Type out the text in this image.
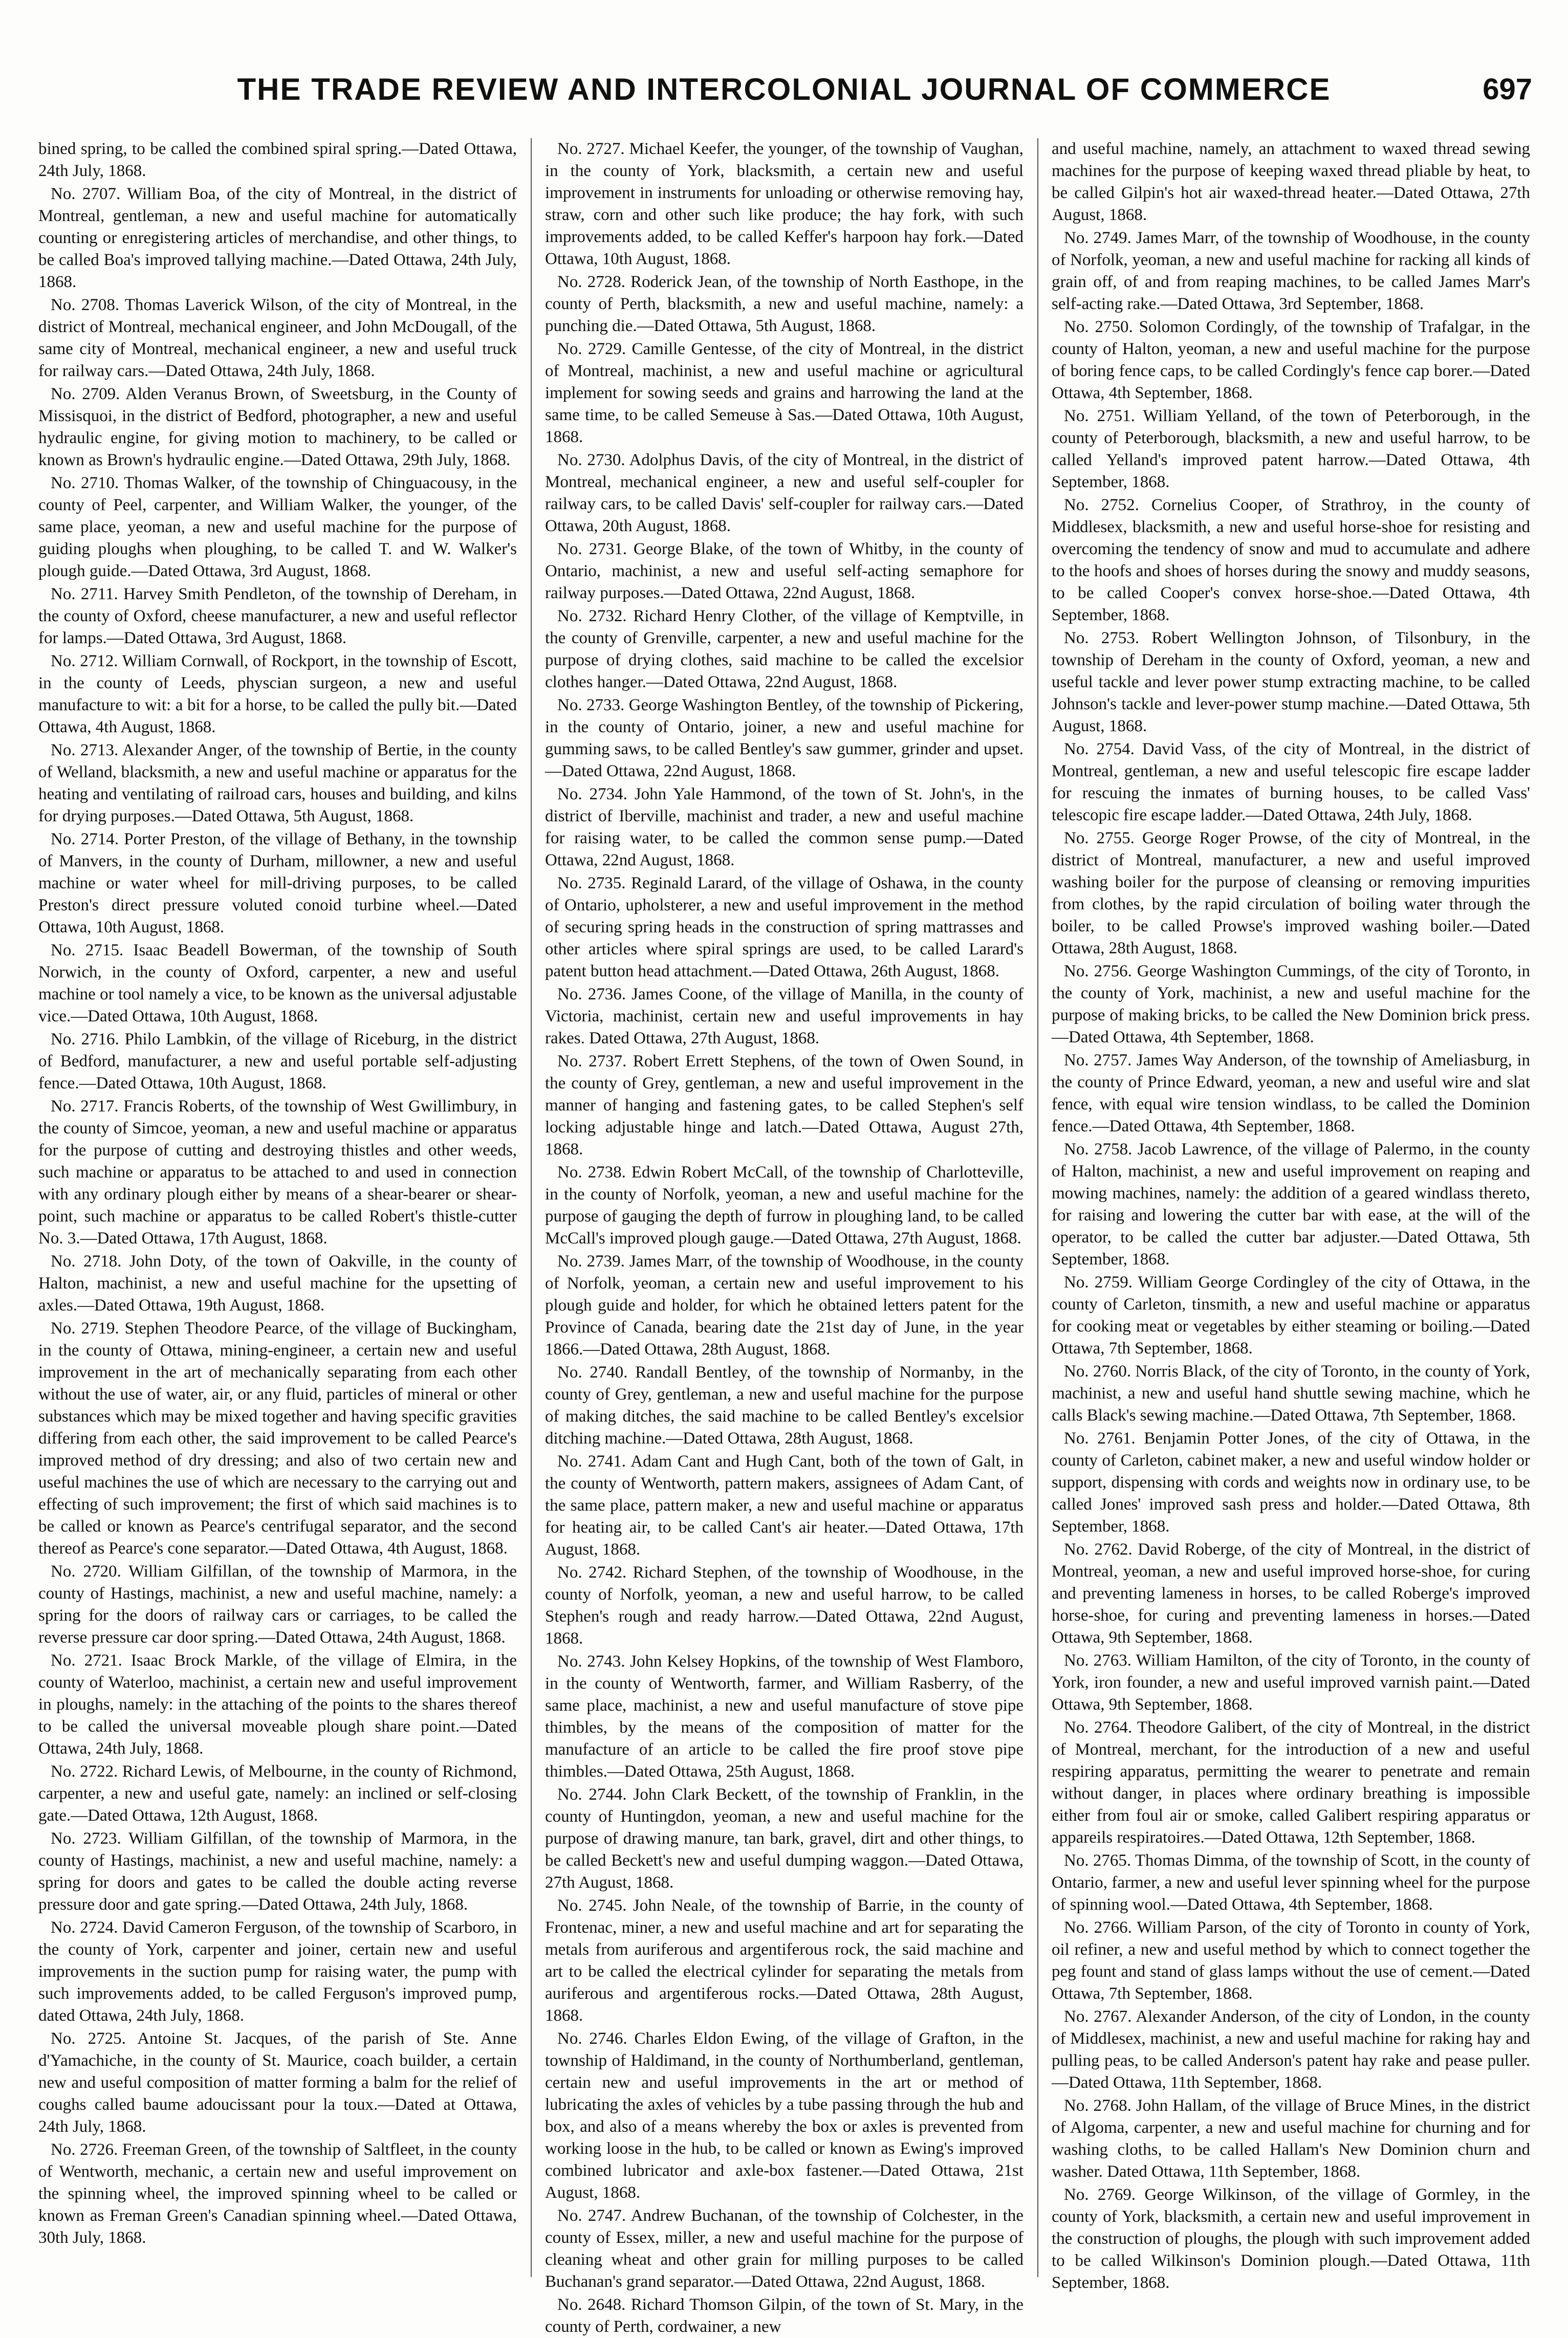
THE TRADE REVIEW AND INTERCOLONIAL JOURNAL OF COMMERCE	697

bined spring, to be called the combined spiral spring.—Dated Ottawa, 24th July, 1868.

No. 2707. William Boa, of the city of Montreal, in the district of Montreal, gentleman, a new and useful machine for automatically counting or enregistering articles of merchandise, and other things, to be called Boa's improved tallying machine.—Dated Ottawa, 24th July, 1868.

No. 2708. Thomas Laverick Wilson, of the city of Montreal, in the district of Montreal, mechanical engineer, and John McDougall, of the same city of Montreal, mechanical engineer, a new and useful truck for railway cars.—Dated Ottawa, 24th July, 1868.

No. 2709. Alden Veranus Brown, of Sweetsburg, in the County of Missisquoi, in the district of Bedford, photographer, a new and useful hydraulic engine, for giving motion to machinery, to be called or known as Brown's hydraulic engine.—Dated Ottawa, 29th July, 1868.

No. 2710. Thomas Walker, of the township of Chinguacousy, in the county of Peel, carpenter, and William Walker, the younger, of the same place, yeoman, a new and useful machine for the purpose of guiding ploughs when ploughing, to be called T. and W. Walker's plough guide.—Dated Ottawa, 3rd August, 1868.

No. 2711. Harvey Smith Pendleton, of the township of Dereham, in the county of Oxford, cheese manufacturer, a new and useful reflector for lamps.—Dated Ottawa, 3rd August, 1868.

No. 2712. William Cornwall, of Rockport, in the township of Escott, in the county of Leeds, physcian surgeon, a new and useful manufacture to wit: a bit for a horse, to be called the pully bit.—Dated Ottawa, 4th August, 1868.

No. 2713. Alexander Anger, of the township of Bertie, in the county of Welland, blacksmith, a new and useful machine or apparatus for the heating and ventilating of railroad cars, houses and building, and kilns for drying purposes.—Dated Ottawa, 5th August, 1868.

No. 2714. Porter Preston, of the village of Bethany, in the township of Manvers, in the county of Durham, millowner, a new and useful machine or water wheel for mill-driving purposes, to be called Preston's direct pressure voluted conoid turbine wheel.—Dated Ottawa, 10th August, 1868.

No. 2715. Isaac Beadell Bowerman, of the township of South Norwich, in the county of Oxford, carpenter, a new and useful machine or tool namely a vice, to be known as the universal adjustable vice.—Dated Ottawa, 10th August, 1868.

No. 2716. Philo Lambkin, of the village of Riceburg, in the district of Bedford, manufacturer, a new and useful portable self-adjusting fence.—Dated Ottawa, 10th August, 1868.

No. 2717. Francis Roberts, of the township of West Gwillimbury, in the county of Simcoe, yeoman, a new and useful machine or apparatus for the purpose of cutting and destroying thistles and other weeds, such machine or apparatus to be attached to and used in connection with any ordinary plough either by means of a shear-bearer or shear-point, such machine or apparatus to be called Robert's thistle-cutter No. 3.—Dated Ottawa, 17th August, 1868.

No. 2718. John Doty, of the town of Oakville, in the county of Halton, machinist, a new and useful machine for the upsetting of axles.—Dated Ottawa, 19th August, 1868.

No. 2719. Stephen Theodore Pearce, of the village of Buckingham, in the county of Ottawa, mining-engineer, a certain new and useful improvement in the art of mechanically separating from each other without the use of water, air, or any fluid, particles of mineral or other substances which may be mixed together and having specific gravities differing from each other, the said improvement to be called Pearce's improved method of dry dressing; and also of two certain new and useful machines the use of which are necessary to the carrying out and effecting of such improvement; the first of which said machines is to be called or known as Pearce's centrifugal separator, and the second thereof as Pearce's cone separator.—Dated Ottawa, 4th August, 1868.

No. 2720. William Gilfillan, of the township of Marmora, in the county of Hastings, machinist, a new and useful machine, namely: a spring for the doors of railway cars or carriages, to be called the reverse pressure car door spring.—Dated Ottawa, 24th August, 1868.

No. 2721. Isaac Brock Markle, of the village of Elmira, in the county of Waterloo, machinist, a certain new and useful improvement in ploughs, namely: in the attaching of the points to the shares thereof to be called the universal moveable plough share point.—Dated Ottawa, 24th July, 1868.

No. 2722. Richard Lewis, of Melbourne, in the county of Richmond, carpenter, a new and useful gate, namely: an inclined or self-closing gate.—Dated Ottawa, 12th August, 1868.

No. 2723. William Gilfillan, of the township of Marmora, in the county of Hastings, machinist, a new and useful machine, namely: a spring for doors and gates to be called the double acting reverse pressure door and gate spring.—Dated Ottawa, 24th July, 1868.

No. 2724. David Cameron Ferguson, of the township of Scarboro, in the county of York, carpenter and joiner, certain new and useful improvements in the suction pump for raising water, the pump with such improvements added, to be called Ferguson's improved pump, dated Ottawa, 24th July, 1868.

No. 2725. Antoine St. Jacques, of the parish of Ste. Anne d'Yamachiche, in the county of St. Maurice, coach builder, a certain new and useful composition of matter forming a balm for the relief of coughs called baume adoucissant pour la toux.—Dated at Ottawa, 24th July, 1868.

No. 2726. Freeman Green, of the township of Saltfleet, in the county of Wentworth, mechanic, a certain new and useful improvement on the spinning wheel, the improved spinning wheel to be called or known as Freman Green's Canadian spinning wheel.—Dated Ottawa, 30th July, 1868.

No. 2727. Michael Keefer, the younger, of the township of Vaughan, in the county of York, blacksmith, a certain new and useful improvement in instruments for unloading or otherwise removing hay, straw, corn and other such like produce; the hay fork, with such improvements added, to be called Keffer's harpoon hay fork.—Dated Ottawa, 10th August, 1868.

No. 2728. Roderick Jean, of the township of North Easthope, in the county of Perth, blacksmith, a new and useful machine, namely: a punching die.—Dated Ottawa, 5th August, 1868.

No. 2729. Camille Gentesse, of the city of Montreal, in the district of Montreal, machinist, a new and useful machine or agricultural implement for sowing seeds and grains and harrowing the land at the same time, to be called Semeuse à Sas.—Dated Ottawa, 10th August, 1868.

No. 2730. Adolphus Davis, of the city of Montreal, in the district of Montreal, mechanical engineer, a new and useful self-coupler for railway cars, to be called Davis' self-coupler for railway cars.—Dated Ottawa, 20th August, 1868.

No. 2731. George Blake, of the town of Whitby, in the county of Ontario, machinist, a new and useful self-acting semaphore for railway purposes.—Dated Ottawa, 22nd August, 1868.

No. 2732. Richard Henry Clother, of the village of Kemptville, in the county of Grenville, carpenter, a new and useful machine for the purpose of drying clothes, said machine to be called the excelsior clothes hanger.—Dated Ottawa, 22nd August, 1868.

No. 2733. George Washington Bentley, of the township of Pickering, in the county of Ontario, joiner, a new and useful machine for gumming saws, to be called Bentley's saw gummer, grinder and upset.—Dated Ottawa, 22nd August, 1868.

No. 2734. John Yale Hammond, of the town of St. John's, in the district of Iberville, machinist and trader, a new and useful machine for raising water, to be called the common sense pump.—Dated Ottawa, 22nd August, 1868.

No. 2735. Reginald Larard, of the village of Oshawa, in the county of Ontario, upholsterer, a new and useful improvement in the method of securing spring heads in the construction of spring mattrasses and other articles where spiral springs are used, to be called Larard's patent button head attachment.—Dated Ottawa, 26th August, 1868.

No. 2736. James Coone, of the village of Manilla, in the county of Victoria, machinist, certain new and useful improvements in hay rakes. Dated Ottawa, 27th August, 1868.

No. 2737. Robert Errett Stephens, of the town of Owen Sound, in the county of Grey, gentleman, a new and useful improvement in the manner of hanging and fastening gates, to be called Stephen's self locking adjustable hinge and latch.—Dated Ottawa, August 27th, 1868.

No. 2738. Edwin Robert McCall, of the township of Charlotteville, in the county of Norfolk, yeoman, a new and useful machine for the purpose of gauging the depth of furrow in ploughing land, to be called McCall's improved plough gauge.—Dated Ottawa, 27th August, 1868.

No. 2739. James Marr, of the township of Woodhouse, in the county of Norfolk, yeoman, a certain new and useful improvement to his plough guide and holder, for which he obtained letters patent for the Province of Canada, bearing date the 21st day of June, in the year 1866.—Dated Ottawa, 28th August, 1868.

No. 2740. Randall Bentley, of the township of Normanby, in the county of Grey, gentleman, a new and useful machine for the purpose of making ditches, the said machine to be called Bentley's excelsior ditching machine.—Dated Ottawa, 28th August, 1868.

No. 2741. Adam Cant and Hugh Cant, both of the town of Galt, in the county of Wentworth, pattern makers, assignees of Adam Cant, of the same place, pattern maker, a new and useful machine or apparatus for heating air, to be called Cant's air heater.—Dated Ottawa, 17th August, 1868.

No. 2742. Richard Stephen, of the township of Woodhouse, in the county of Norfolk, yeoman, a new and useful harrow, to be called Stephen's rough and ready harrow.—Dated Ottawa, 22nd August, 1868.

No. 2743. John Kelsey Hopkins, of the township of West Flamboro, in the county of Wentworth, farmer, and William Rasberry, of the same place, machinist, a new and useful manufacture of stove pipe thimbles, by the means of the composition of matter for the manufacture of an article to be called the fire proof stove pipe thimbles.—Dated Ottawa, 25th August, 1868.

No. 2744. John Clark Beckett, of the township of Franklin, in the county of Huntingdon, yeoman, a new and useful machine for the purpose of drawing manure, tan bark, gravel, dirt and other things, to be called Beckett's new and useful dumping waggon.—Dated Ottawa, 27th August, 1868.

No. 2745. John Neale, of the township of Barrie, in the county of Frontenac, miner, a new and useful machine and art for separating the metals from auriferous and argentiferous rock, the said machine and art to be called the electrical cylinder for separating the metals from auriferous and argentiferous rocks.—Dated Ottawa, 28th August, 1868.

No. 2746. Charles Eldon Ewing, of the village of Grafton, in the township of Haldimand, in the county of Northumberland, gentleman, certain new and useful improvements in the art or method of lubricating the axles of vehicles by a tube passing through the hub and box, and also of a means whereby the box or axles is prevented from working loose in the hub, to be called or known as Ewing's improved combined lubricator and axle-box fastener.—Dated Ottawa, 21st August, 1868.

No. 2747. Andrew Buchanan, of the township of Colchester, in the county of Essex, miller, a new and useful machine for the purpose of cleaning wheat and other grain for milling purposes to be called Buchanan's grand separator.—Dated Ottawa, 22nd August, 1868.

No. 2648. Richard Thomson Gilpin, of the town of St. Mary, in the county of Perth, cordwainer, a new

and useful machine, namely, an attachment to waxed thread sewing machines for the purpose of keeping waxed thread pliable by heat, to be called Gilpin's hot air waxed-thread heater.—Dated Ottawa, 27th August, 1868.

No. 2749. James Marr, of the township of Woodhouse, in the county of Norfolk, yeoman, a new and useful machine for racking all kinds of grain off, of and from reaping machines, to be called James Marr's self-acting rake.—Dated Ottawa, 3rd September, 1868.

No. 2750. Solomon Cordingly, of the township of Trafalgar, in the county of Halton, yeoman, a new and useful machine for the purpose of boring fence caps, to be called Cordingly's fence cap borer.—Dated Ottawa, 4th September, 1868.

No. 2751. William Yelland, of the town of Peterborough, in the county of Peterborough, blacksmith, a new and useful harrow, to be called Yelland's improved patent harrow.—Dated Ottawa, 4th September, 1868.

No. 2752. Cornelius Cooper, of Strathroy, in the county of Middlesex, blacksmith, a new and useful horse-shoe for resisting and overcoming the tendency of snow and mud to accumulate and adhere to the hoofs and shoes of horses during the snowy and muddy seasons, to be called Cooper's convex horse-shoe.—Dated Ottawa, 4th September, 1868.

No. 2753. Robert Wellington Johnson, of Tilsonbury, in the township of Dereham in the county of Oxford, yeoman, a new and useful tackle and lever power stump extracting machine, to be called Johnson's tackle and lever-power stump machine.—Dated Ottawa, 5th August, 1868.

No. 2754. David Vass, of the city of Montreal, in the district of Montreal, gentleman, a new and useful telescopic fire escape ladder for rescuing the inmates of burning houses, to be called Vass' telescopic fire escape ladder.—Dated Ottawa, 24th July, 1868.

No. 2755. George Roger Prowse, of the city of Montreal, in the district of Montreal, manufacturer, a new and useful improved washing boiler for the purpose of cleansing or removing impurities from clothes, by the rapid circulation of boiling water through the boiler, to be called Prowse's improved washing boiler.—Dated Ottawa, 28th August, 1868.

No. 2756. George Washington Cummings, of the city of Toronto, in the county of York, machinist, a new and useful machine for the purpose of making bricks, to be called the New Dominion brick press.—Dated Ottawa, 4th September, 1868.

No. 2757. James Way Anderson, of the township of Ameliasburg, in the county of Prince Edward, yeoman, a new and useful wire and slat fence, with equal wire tension windlass, to be called the Dominion fence.—Dated Ottawa, 4th September, 1868.

No. 2758. Jacob Lawrence, of the village of Palermo, in the county of Halton, machinist, a new and useful improvement on reaping and mowing machines, namely: the addition of a geared windlass thereto, for raising and lowering the cutter bar with ease, at the will of the operator, to be called the cutter bar adjuster.—Dated Ottawa, 5th September, 1868.

No. 2759. William George Cordingley of the city of Ottawa, in the county of Carleton, tinsmith, a new and useful machine or apparatus for cooking meat or vegetables by either steaming or boiling.—Dated Ottawa, 7th September, 1868.

No. 2760. Norris Black, of the city of Toronto, in the county of York, machinist, a new and useful hand shuttle sewing machine, which he calls Black's sewing machine.—Dated Ottawa, 7th September, 1868.

No. 2761. Benjamin Potter Jones, of the city of Ottawa, in the county of Carleton, cabinet maker, a new and useful window holder or support, dispensing with cords and weights now in ordinary use, to be called Jones' improved sash press and holder.—Dated Ottawa, 8th September, 1868.

No. 2762. David Roberge, of the city of Montreal, in the district of Montreal, yeoman, a new and useful improved horse-shoe, for curing and preventing lameness in horses, to be called Roberge's improved horse-shoe, for curing and preventing lameness in horses.—Dated Ottawa, 9th September, 1868.

No. 2763. William Hamilton, of the city of Toronto, in the county of York, iron founder, a new and useful improved varnish paint.—Dated Ottawa, 9th September, 1868.

No. 2764. Theodore Galibert, of the city of Montreal, in the district of Montreal, merchant, for the introduction of a new and useful respiring apparatus, permitting the wearer to penetrate and remain without danger, in places where ordinary breathing is impossible either from foul air or smoke, called Galibert respiring apparatus or appareils respiratoires.—Dated Ottawa, 12th September, 1868.

No. 2765. Thomas Dimma, of the township of Scott, in the county of Ontario, farmer, a new and useful lever spinning wheel for the purpose of spinning wool.—Dated Ottawa, 4th September, 1868.

No. 2766. William Parson, of the city of Toronto in county of York, oil refiner, a new and useful method by which to connect together the peg fount and stand of glass lamps without the use of cement.—Dated Ottawa, 7th September, 1868.

No. 2767. Alexander Anderson, of the city of London, in the county of Middlesex, machinist, a new and useful machine for raking hay and pulling peas, to be called Anderson's patent hay rake and pease puller.—Dated Ottawa, 11th September, 1868.

No. 2768. John Hallam, of the village of Bruce Mines, in the district of Algoma, carpenter, a new and useful machine for churning and for washing cloths, to be called Hallam's New Dominion churn and washer. Dated Ottawa, 11th September, 1868.

No. 2769. George Wilkinson, of the village of Gormley, in the county of York, blacksmith, a certain new and useful improvement in the construction of ploughs, the plough with such improvement added to be called Wilkinson's Dominion plough.—Dated Ottawa, 11th September, 1868.
